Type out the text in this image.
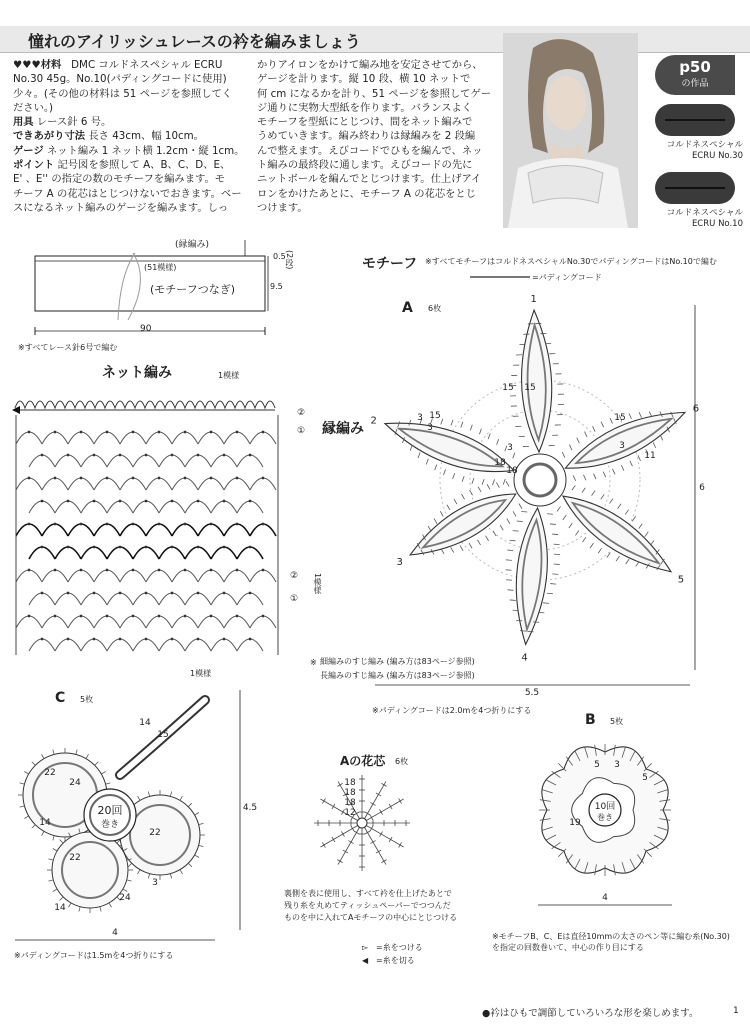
憧れのアイリッシュレースの衿を編みましょう
♥♥♥材料 DMC コルドネスペシャル ECRU
No.30 45g。No.10(パディングコードに使用)
少々。(その他の材料は 51 ページを参照してく
ださい。)
用具 レース針 6 号。
できあがり寸法 長さ 43cm、幅 10cm。
ゲージ ネット編み 1 ネット横 1.2cm・縦 1cm。
ポイント 記号図を参照して A、B、C、D、E、
E' 、E'' の指定の数のモチーフを編みます。モ
チーフ A の花芯はとじつけないでおきます。ベー
スになるネット編みのゲージを編みます。しっ
かりアイロンをかけて編み地を安定させてから、
ゲージを計ります。縦 10 段、横 10 ネットで
何 cm になるかを計り、51 ページを参照してゲー
ジ通りに実物大型紙を作ります。バランスよく
モチーフを型紙にとじつけ、間をネット編みで
うめていきます。編み終わりは縁編みを 2 段編
んで整えます。えびコードでひもを編んで、ネッ
ト編みの最終段に通します。えびコードの先に
ニットボールを編んでとじつけます。仕上げアイ
ロンをかけたあとに、モチーフ A の花芯をとじ
つけます。
p50
の作品
コルドネスペシャル
ECRU No.30
コルドネスペシャル
ECRU No.10
(縁編み)
0.5 (2段)
9.5
(51模様)
(モチーフつなぎ)
90
※すべてレース針6号で編む
ネット編み	1模様
縁編み
②
①
②
①
1模様
1模様
モチーフ ※すべてモチーフはコルドネスペシャルNo.30でパディングコードはNo.10で編む
=パディングコード
A 6枚
1
2
3
4
5
6
15 15
3 15
3
18
18
3
15
11
3
5.5
6
※ 細編みのすじ編み (編み方は83ページ参照)
長編みのすじ編み (編み方は83ページ参照)
※パディングコードは2.0mを4つ折りにする
C 5枚
20回
巻き
14
15
22
14
24
22
3
24
22
14
4
4.5
※パディングコードは1.5mを4つ折りにする
Aの花芯 6枚
18
18
18
12
裏側を表に使用し、すべて衿を仕上げたあとで
残り糸を丸めてティッシュペーパーでつつんだ
ものを中に入れてAモチーフの中心にとじつける
▻ =糸をつける
◀ =糸を切る
B 5枚
10回
巻き
5 3
19
5
4
※モチーフB、C、Eは直径10mmの太さのペン等に編む糸(No.30)を指定の回数巻いて、中心の作り目にする
●衿はひもで調節していろいろな形を楽しめます。	1
